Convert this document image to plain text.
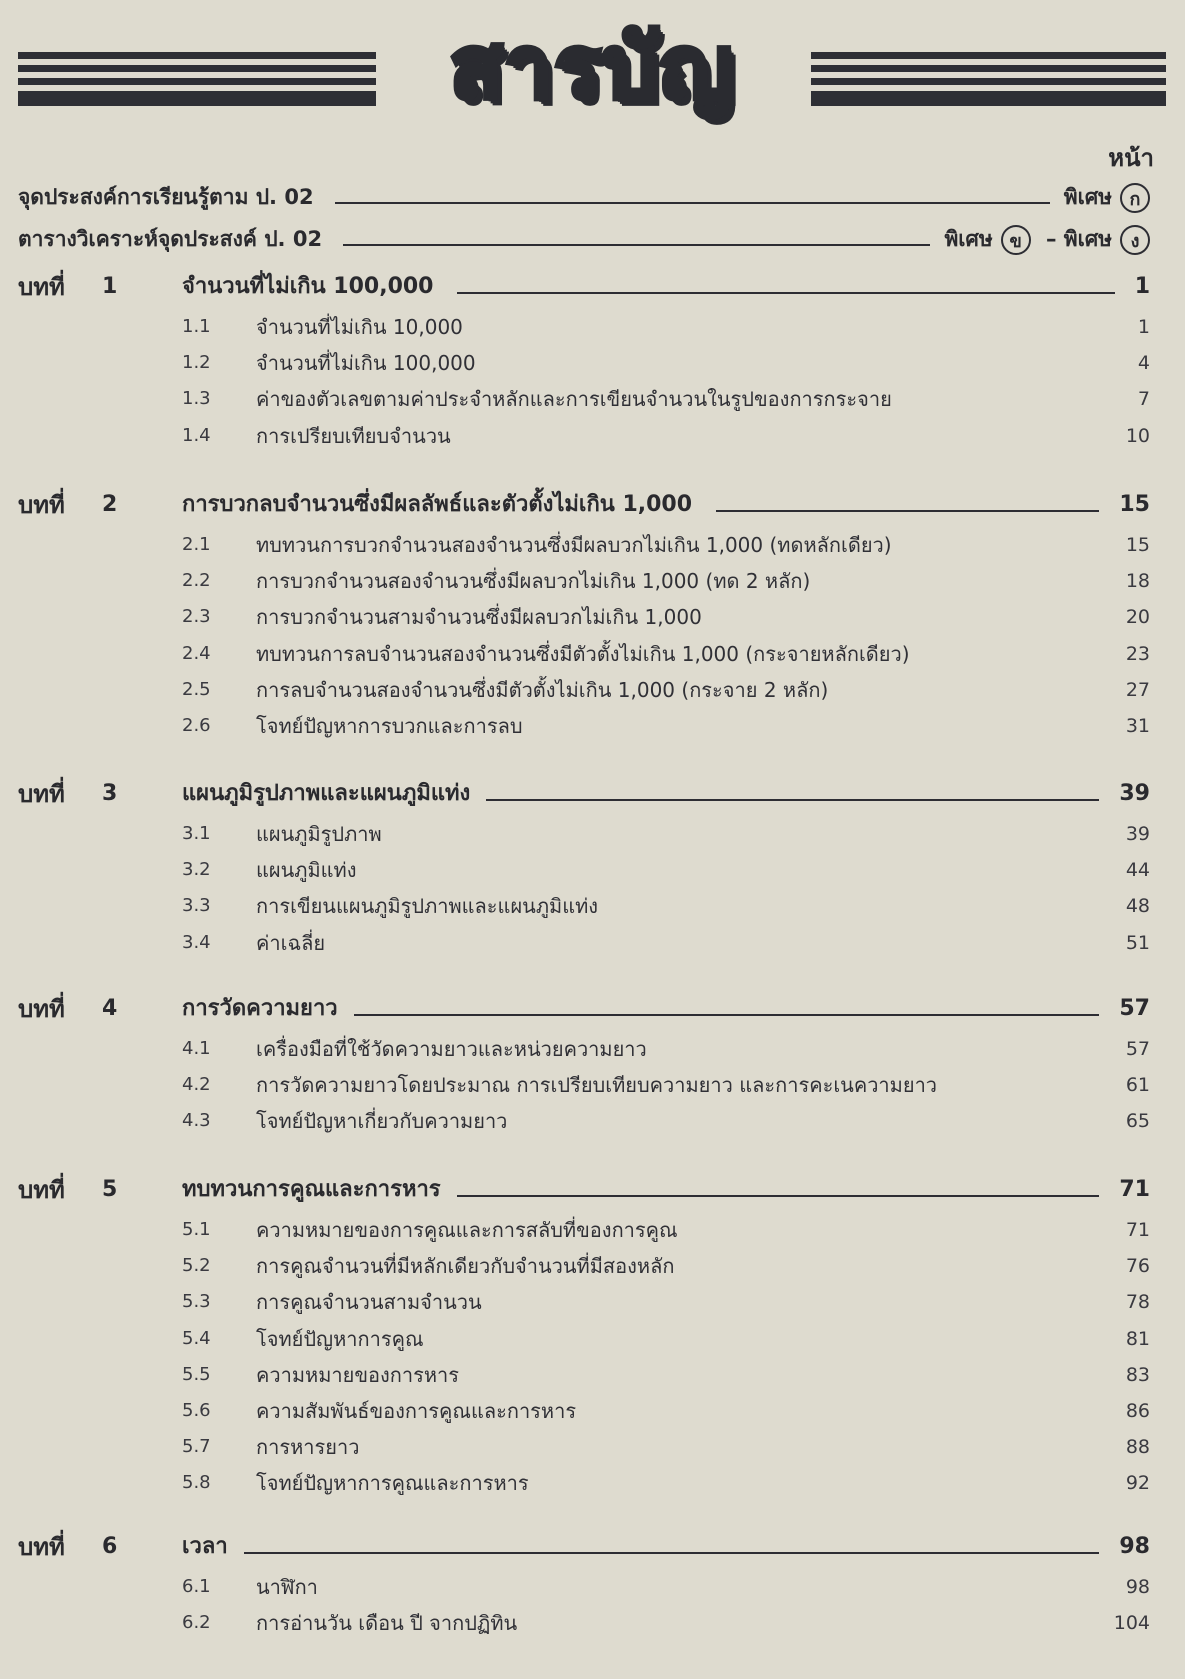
สารบัญ
หน้า
จุดประสงค์การเรียนรู้ตาม ป. 02	พิเศษ ก
ตารางวิเคราะห์จุดประสงค์ ป. 02	พิเศษ ข – พิเศษ ง
บทที่ 1	จำนวนที่ไม่เกิน 100,000	1
1.1 จำนวนที่ไม่เกิน 10,000	1
1.2 จำนวนที่ไม่เกิน 100,000	4
1.3 ค่าของตัวเลขตามค่าประจำหลักและการเขียนจำนวนในรูปของการกระจาย	7
1.4 การเปรียบเทียบจำนวน	10
บทที่ 2	การบวกลบจำนวนซึ่งมีผลลัพธ์และตัวตั้งไม่เกิน 1,000	15
2.1 ทบทวนการบวกจำนวนสองจำนวนซึ่งมีผลบวกไม่เกิน 1,000 (ทดหลักเดียว)	15
2.2 การบวกจำนวนสองจำนวนซึ่งมีผลบวกไม่เกิน 1,000 (ทด 2 หลัก)	18
2.3 การบวกจำนวนสามจำนวนซึ่งมีผลบวกไม่เกิน 1,000	20
2.4 ทบทวนการลบจำนวนสองจำนวนซึ่งมีตัวตั้งไม่เกิน 1,000 (กระจายหลักเดียว)	23
2.5 การลบจำนวนสองจำนวนซึ่งมีตัวตั้งไม่เกิน 1,000 (กระจาย 2 หลัก)	27
2.6 โจทย์ปัญหาการบวกและการลบ	31
บทที่ 3	แผนภูมิรูปภาพและแผนภูมิแท่ง	39
3.1 แผนภูมิรูปภาพ	39
3.2 แผนภูมิแท่ง	44
3.3 การเขียนแผนภูมิรูปภาพและแผนภูมิแท่ง	48
3.4 ค่าเฉลี่ย	51
บทที่ 4	การวัดความยาว	57
4.1 เครื่องมือที่ใช้วัดความยาวและหน่วยความยาว	57
4.2 การวัดความยาวโดยประมาณ การเปรียบเทียบความยาว และการคะเนความยาว	61
4.3 โจทย์ปัญหาเกี่ยวกับความยาว	65
บทที่ 5	ทบทวนการคูณและการหาร	71
5.1 ความหมายของการคูณและการสลับที่ของการคูณ	71
5.2 การคูณจำนวนที่มีหลักเดียวกับจำนวนที่มีสองหลัก	76
5.3 การคูณจำนวนสามจำนวน	78
5.4 โจทย์ปัญหาการคูณ	81
5.5 ความหมายของการหาร	83
5.6 ความสัมพันธ์ของการคูณและการหาร	86
5.7 การหารยาว	88
5.8 โจทย์ปัญหาการคูณและการหาร	92
บทที่ 6	เวลา	98
6.1 นาฬิกา	98
6.2 การอ่านวัน เดือน ปี จากปฏิทิน	104
